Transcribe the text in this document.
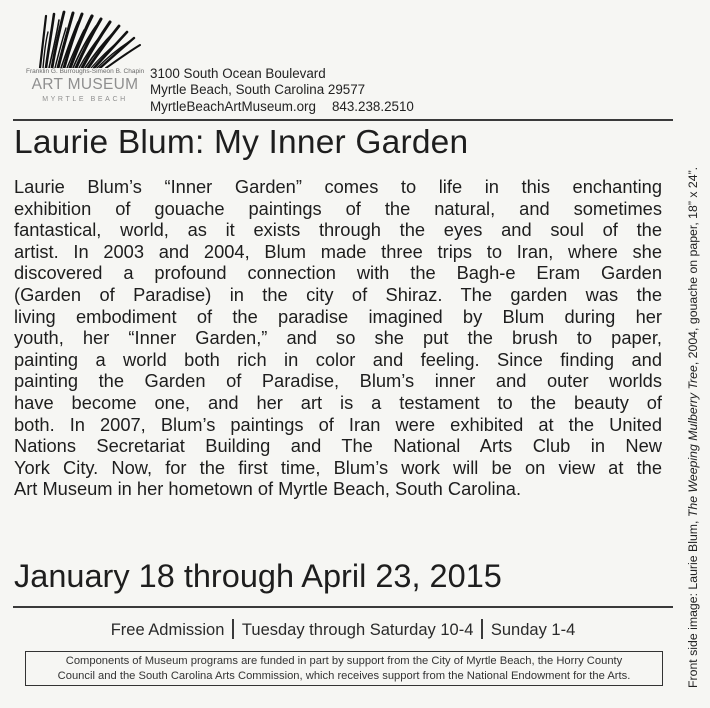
Franklin G. Burroughs-Simeon B. Chapin
ART MUSEUM
MYRTLE BEACH
3100 South Ocean Boulevard
Myrtle Beach, South Carolina 29577
MyrtleBeachArtMuseum.org 843.238.2510
Laurie Blum: My Inner Garden
Laurie Blum’s “Inner Garden” comes to life in this enchanting
exhibition of gouache paintings of the natural, and sometimes
fantastical, world, as it exists through the eyes and soul of the
artist. In 2003 and 2004, Blum made three trips to Iran, where she
discovered a profound connection with the Bagh-e Eram Garden
(Garden of Paradise) in the city of Shiraz. The garden was the
living embodiment of the paradise imagined by Blum during her
youth, her “Inner Garden,” and so she put the brush to paper,
painting a world both rich in color and feeling. Since finding and
painting the Garden of Paradise, Blum’s inner and outer worlds
have become one, and her art is a testament to the beauty of
both. In 2007, Blum’s paintings of Iran were exhibited at the United
Nations Secretariat Building and The National Arts Club in New
York City. Now, for the first time, Blum’s work will be on view at the
Art Museum in her hometown of Myrtle Beach, South Carolina.
January 18 through April 23, 2015
Free Admission Tuesday through Saturday 10-4 Sunday 1-4
Components of Museum programs are funded in part by support from the City of Myrtle Beach, the Horry County
Council and the South Carolina Arts Commission, which receives support from the National Endowment for the Arts.	Front side image: Laurie Blum, The Weeping Mulberry Tree, 2004, gouache on paper, 18” x 24”.
